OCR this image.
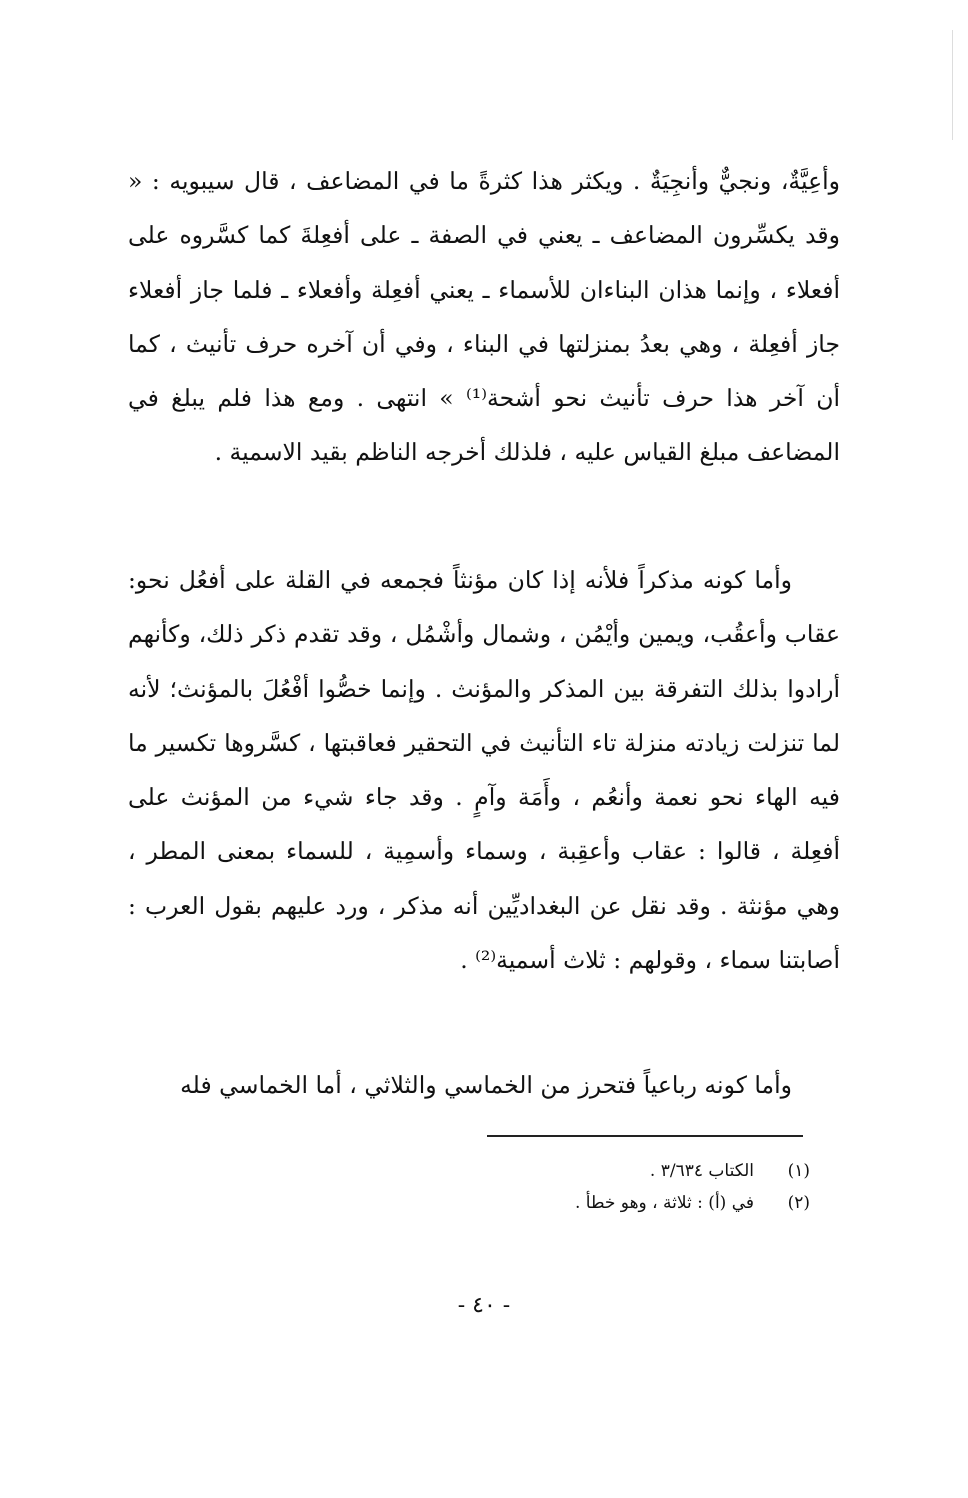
وأعِيَّةٌ، ونجيٌّ وأنجِيَةٌ . ويكثر هذا كثرةً ما في المضاعف ، قال سيبويه : « وقد يكسِّرون المضاعف ـ يعني في الصفة ـ على أفعِلةَ كما كسَّروه على أفعلاء ، وإنما هذان البناءان للأسماء ـ يعني أفعِلة وأفعلاء ـ فلما جاز أفعلاء جاز أفعِلة ، وهي بعدُ بمنزلتها في البناء ، وفي أن آخره حرف تأنيث ، كما أن آخر هذا حرف تأنيث نحو أشحة⁽¹⁾ » انتهى . ومع هذا فلم يبلغ في المضاعف مبلغ القياس عليه ، فلذلك أخرجه الناظم بقيد الاسمية .

وأما كونه مذكراً فلأنه إذا كان مؤنثاً فجمعه في القلة على أفعُل نحو: عقاب وأعقُب، ويمين وأيْمُن ، وشمال وأشْمُل ، وقد تقدم ذكر ذلك، وكأنهم أرادوا بذلك التفرقة بين المذكر والمؤنث . وإنما خصُّوا أفْعُلَ بالمؤنث؛ لأنه لما تنزلت زيادته منزلة تاء التأنيث في التحقير فعاقبتها ، كسَّروها تكسير ما فيه الهاء نحو نعمة وأنعُم ، وأَمَة وآمٍ . وقد جاء شيء من المؤنث على أفعِلة ، قالوا : عقاب وأعقِبة ، وسماء وأسمِية ، للسماء بمعنى المطر ، وهي مؤنثة . وقد نقل عن البغداديِّين أنه مذكر ، ورد عليهم بقول العرب : أصابتنا سماء ، وقولهم : ثلاث أسمية⁽²⁾ .

وأما كونه رباعياً فتحرز من الخماسي والثلاثي ، أما الخماسي فله

(١)
الكتاب ٣/٦٣٤ .
(٢)
في (أ) : ثلاثة ، وهو خطأ .
- ٤٠ -
